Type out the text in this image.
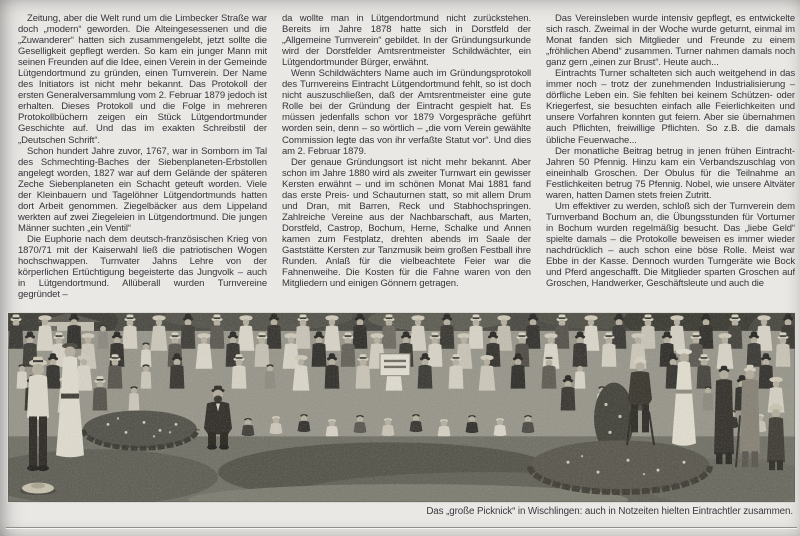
Zeitung, aber die Welt rund um die Limbecker Straße war doch „modern“ geworden. Die Alteingesessenen und die „Zuwanderer“ hatten sich zusammengelebt, jetzt sollte die Geselligkeit gepflegt werden. So kam ein junger Mann mit seinen Freunden auf die Idee, einen Verein in der Gemeinde Lütgendortmund zu gründen, einen Turnverein. Der Name des Initiators ist nicht mehr bekannt. Das Protokoll der ersten Generalversammlung vom 2. Februar 1879 jedoch ist erhalten. Dieses Protokoll und die Folge in mehreren Protokollbüchern zeigen ein Stück Lütgendortmunder Geschichte auf. Und das im exakten Schreibstil der „Deutschen Schrift“.

Schon hundert Jahre zuvor, 1767, war in Somborn im Tal des Schmechting-Baches der Siebenplaneten-Erbstollen angelegt worden, 1827 war auf dem Gelände der späteren Zeche Siebenplaneten ein Schacht geteuft worden. Viele der Kleinbauern und Tagelöhner Lütgendortmunds hatten dort Arbeit genommen. Ziegelbäcker aus dem Lippeland werkten auf zwei Ziegeleien in Lütgendortmund. Die jungen Männer suchten „ein Ventil“

Die Euphorie nach dem deutsch-französischen Krieg von 1870/71 mit der Kaiserwahl ließ die patriotischen Wogen hochschwappen. Turnvater Jahns Lehre von der körperlichen Ertüchtigung begeisterte das Jungvolk – auch in Lütgendortmund. Allüberall wurden Turnvereine gegründet –

da wollte man in Lütgendortmund nicht zurückstehen. Bereits im Jahre 1878 hatte sich in Dorstfeld der „Allgemeine Turnverein“ gebildet. In der Gründungsurkunde wird der Dorstfelder Amtsrentmeister Schildwächter, ein Lütgendortmunder Bürger, erwähnt.

Wenn Schildwächters Name auch im Gründungsprotokoll des Turnvereins Eintracht Lütgendortmund fehlt, so ist doch nicht auszuschließen, daß der Amtsrentmeister eine gute Rolle bei der Gründung der Eintracht gespielt hat. Es müssen jedenfalls schon vor 1879 Vorgespräche geführt worden sein, denn – so wörtlich – „die vom Verein gewählte Commission legte das von ihr verfaßte Statut vor“. Und dies am 2. Februar 1879.

Der genaue Gründungsort ist nicht mehr bekannt. Aber schon im Jahre 1880 wird als zweiter Turnwart ein gewisser Kersten erwähnt – und im schönen Monat Mai 1881 fand das erste Preis- und Schauturnen statt, so mit allem Drum und Dran, mit Barren, Reck und Stabhochspringen. Zahlreiche Vereine aus der Nachbarschaft, aus Marten, Dorstfeld, Castrop, Bochum, Herne, Schalke und Annen kamen zum Festplatz, drehten abends im Saale der Gaststätte Kersten zur Tanzmusik beim großen Festball ihre Runden. Anlaß für die vielbeachtete Feier war die Fahnenweihe. Die Kosten für die Fahne waren von den Mitgliedern und einigen Gönnern getragen.

Das Vereinsleben wurde intensiv gepflegt, es entwickelte sich rasch. Zweimal in der Woche wurde geturnt, einmal im Monat fanden sich Mitglieder und Freunde zu einem „fröhlichen Abend“ zusammen. Turner nahmen damals noch ganz gern „einen zur Brust“. Heute auch...

Eintrachts Turner schalteten sich auch weitgehend in das immer noch – trotz der zunehmenden Industrialisierung – dörfliche Leben ein. Sie fehlten bei keinem Schützen- oder Kriegerfest, sie besuchten einfach alle Feierlichkeiten und unsere Vorfahren konnten gut feiern. Aber sie übernahmen auch Pflichten, freiwillige Pflichten. So z.B. die damals übliche Feuerwache...

Der monatliche Beitrag betrug in jenen frühen Eintracht-Jahren 50 Pfennig. Hinzu kam ein Verbandszuschlag von eineinhalb Groschen. Der Obulus für die Teilnahme an Festlichkeiten betrug 75 Pfennig. Nobel, wie unsere Altväter waren, hatten Damen stets freien Zutritt.

Um effektiver zu werden, schloß sich der Turnverein dem Turnverband Bochum an, die Übungsstunden für Vorturner in Bochum wurden regelmäßig besucht. Das „liebe Geld“ spielte damals – die Protokolle beweisen es immer wieder nachdrücklich – auch schon eine böse Rolle. Meist war Ebbe in der Kasse. Dennoch wurden Turngeräte wie Bock und Pferd angeschafft. Die Mitglieder sparten Groschen auf Groschen, Handwerker, Geschäftsleute und auch die

Das „große Picknick“ in Wischlingen: auch in Notzeiten hielten Eintrachtler zusammen.
